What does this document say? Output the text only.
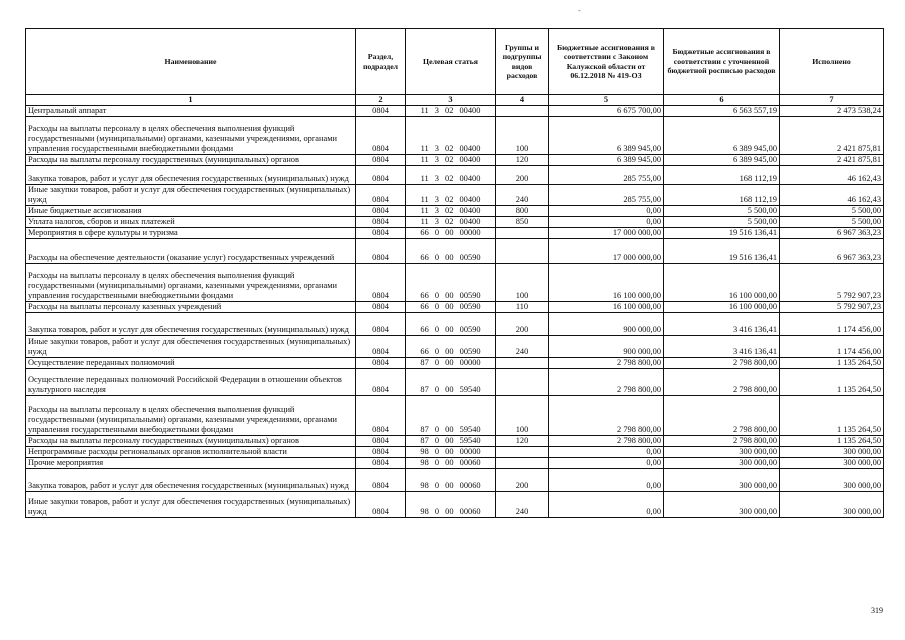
-
Наименование	Раздел, подраздел	Целевая статья	Группы и подгруппы видов расходов	Бюджетные ассигнования в соответствии с Законом Калужской области от 06.12.2018 № 419-ОЗ	Бюджетные ассигнования в соответствии с уточненной бюджетной росписью расходов	Исполнено
1	2	3	4	5	6	7
Центральный аппарат	0804	11 3 02 00400		6 675 700,00	6 563 557,19	2 473 538,24
Расходы на выплаты персоналу в целях обеспечения выполнения функций государственными (муниципальными) органами, казенными учреждениями, органами управления государственными внебюджетными фондами	0804	11 3 02 00400	100	6 389 945,00	6 389 945,00	2 421 875,81
Расходы на выплаты персоналу государственных (муниципальных) органов	0804	11 3 02 00400	120	6 389 945,00	6 389 945,00	2 421 875,81
Закупка товаров, работ и услуг для обеспечения государственных (муниципальных) нужд	0804	11 3 02 00400	200	285 755,00	168 112,19	46 162,43
Иные закупки товаров, работ и услуг для обеспечения государственных (муниципальных) нужд	0804	11 3 02 00400	240	285 755,00	168 112,19	46 162,43
Иные бюджетные ассигнования	0804	11 3 02 00400	800	0,00	5 500,00	5 500,00
Уплата налогов, сборов и иных платежей	0804	11 3 02 00400	850	0,00	5 500,00	5 500,00
Мероприятия в сфере культуры и туризма	0804	66 0 00 00000		17 000 000,00	19 516 136,41	6 967 363,23
Расходы на обеспечение деятельности (оказание услуг) государственных учреждений	0804	66 0 00 00590		17 000 000,00	19 516 136,41	6 967 363,23
Расходы на выплаты персоналу в целях обеспечения выполнения функций государственными (муниципальными) органами, казенными учреждениями, органами управления государственными внебюджетными фондами	0804	66 0 00 00590	100	16 100 000,00	16 100 000,00	5 792 907,23
Расходы на выплаты персоналу казенных учреждений	0804	66 0 00 00590	110	16 100 000,00	16 100 000,00	5 792 907,23
Закупка товаров, работ и услуг для обеспечения государственных (муниципальных) нужд	0804	66 0 00 00590	200	900 000,00	3 416 136,41	1 174 456,00
Иные закупки товаров, работ и услуг для обеспечения государственных (муниципальных) нужд	0804	66 0 00 00590	240	900 000,00	3 416 136,41	1 174 456,00
Осуществление переданных полномочий	0804	87 0 00 00000		2 798 800,00	2 798 800,00	1 135 264,50
Осуществление переданных полномочий Российской Федерации в отношении объектов культурного наследия	0804	87 0 00 59540		2 798 800,00	2 798 800,00	1 135 264,50
Расходы на выплаты персоналу в целях обеспечения выполнения функций государственными (муниципальными) органами, казенными учреждениями, органами управления государственными внебюджетными фондами	0804	87 0 00 59540	100	2 798 800,00	2 798 800,00	1 135 264,50
Расходы на выплаты персоналу государственных (муниципальных) органов	0804	87 0 00 59540	120	2 798 800,00	2 798 800,00	1 135 264,50
Непрограммные расходы региональных органов исполнительной власти	0804	98 0 00 00000		0,00	300 000,00	300 000,00
Прочие мероприятия	0804	98 0 00 00060		0,00	300 000,00	300 000,00
Закупка товаров, работ и услуг для обеспечения государственных (муниципальных) нужд	0804	98 0 00 00060	200	0,00	300 000,00	300 000,00
Иные закупки товаров, работ и услуг для обеспечения государственных (муниципальных) нужд	0804	98 0 00 00060	240	0,00	300 000,00	300 000,00
319
